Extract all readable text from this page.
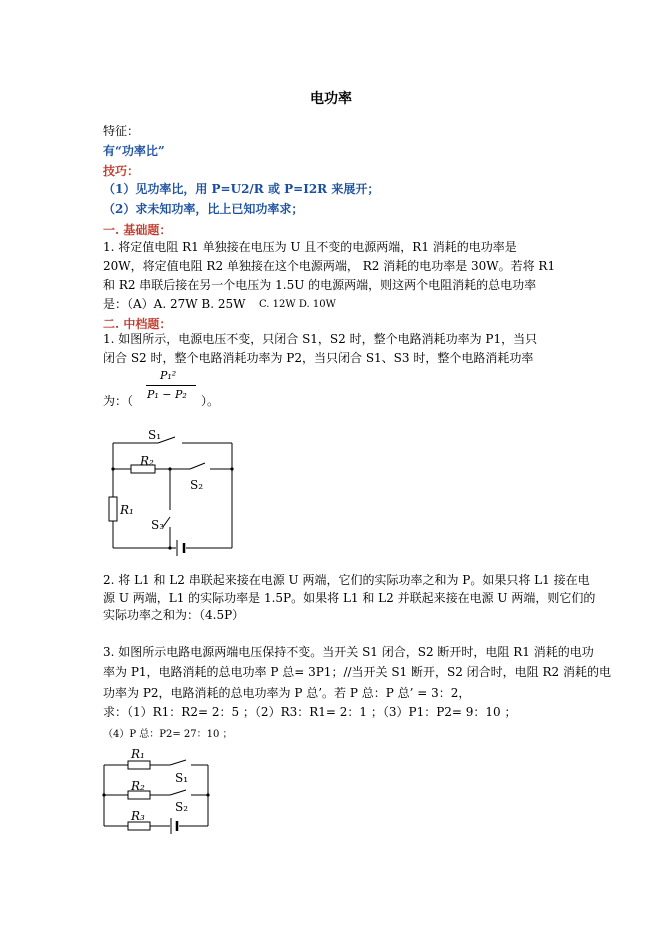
电功率
特征：
有“功率比”
技巧：
（1）见功率比，用 P=U2/R 或 P=I2R 来展开；
（2）求未知功率，比上已知功率求；
一. 基础题：
1. 将定值电阻 R1 单独接在电压为 U 且不变的电源两端，R1 消耗的电功率是
20W，将定值电阻 R2 单独接在这个电源两端， R2 消耗的电功率是 30W。若将 R1
和 R2 串联后接在另一个电压为 1.5U 的电源两端，则这两个电阻消耗的总电功率
是：（A）A. 27W B. 25W C. 12W D. 10W
二. 中档题：
1. 如图所示，电源电压不变，只闭合 S1，S2 时，整个电路消耗功率为 P1，当只
闭合 S2 时，整个电路消耗功率为 P2，当只闭合 S1、S3 时，整个电路消耗功率
为：（
P₁²
P₁ − P₂ ）。
S₁
R₂
S₂
R₁
S₃
2. 将 L1 和 L2 串联起来接在电源 U 两端，它们的实际功率之和为 P。如果只将 L1 接在电
源 U 两端，L1 的实际功率是 1.5P。如果将 L1 和 L2 并联起来接在电源 U 两端，则它们的
实际功率之和为：（4.5P）
3. 如图所示电路电源两端电压保持不变。当开关 S1 闭合，S2 断开时，电阻 R1 消耗的电功
率为 P1，电路消耗的总电功率 P 总= 3P1；//当开关 S1 断开，S2 闭合时，电阻 R2 消耗的电
功率为 P2，电路消耗的总电功率为 P 总’。若 P 总：P 总’ = 3：2，
求：（1）R1：R2= 2：5 ；（2）R3：R1= 2：1 ；（3）P1：P2= 9：10 ；
（4）P 总：P2= 27：10 ；
R₁
S₁
R₂
S₂
R₃
